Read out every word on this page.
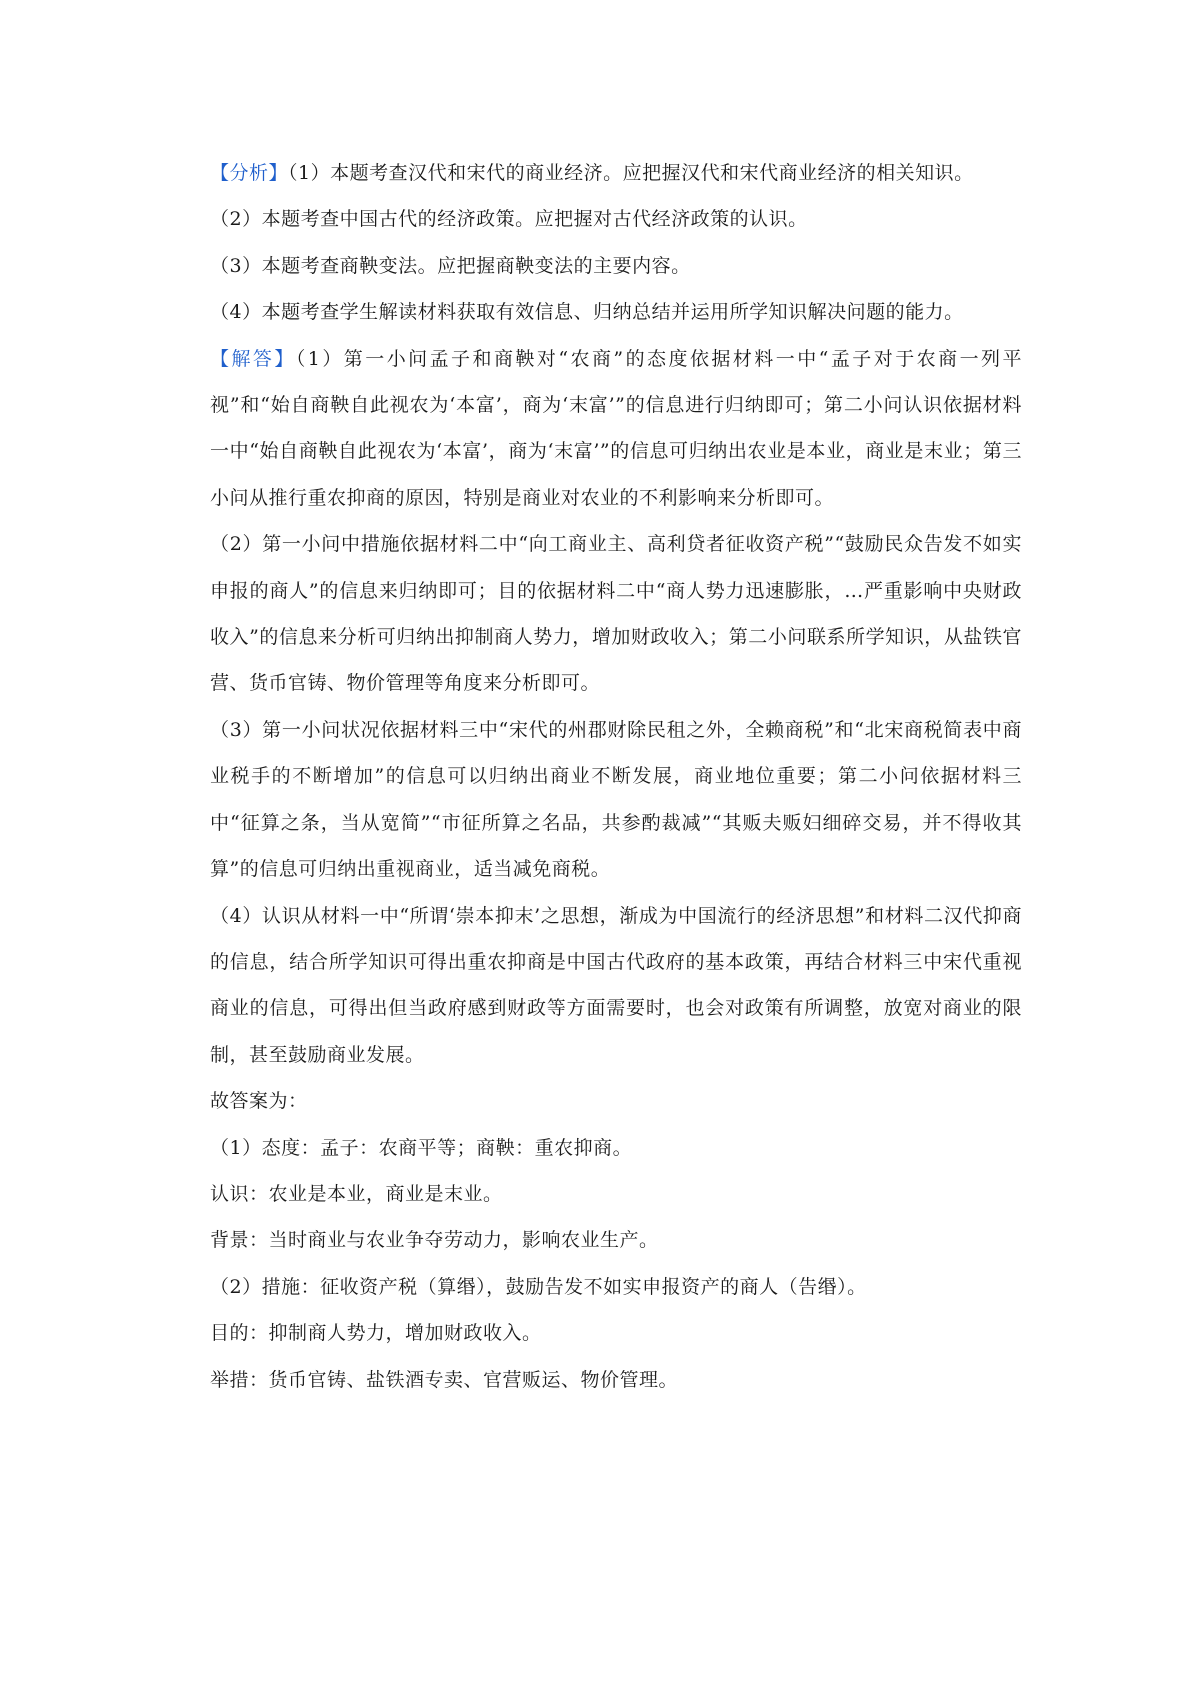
【分析】（1）本题考查汉代和宋代的商业经济。应把握汉代和宋代商业经济的相关知识。

（2）本题考查中国古代的经济政策。应把握对古代经济政策的认识。

（3）本题考查商鞅变法。应把握商鞅变法的主要内容。

（4）本题考查学生解读材料获取有效信息、归纳总结并运用所学知识解决问题的能力。

【解答】（1）第一小问孟子和商鞅对“农商”的态度依据材料一中“孟子对于农商一列平视”和“始自商鞅自此视农为‘本富’，商为‘末富’”的信息进行归纳即可；第二小问认识依据材料一中“始自商鞅自此视农为‘本富’，商为‘末富’”的信息可归纳出农业是本业，商业是末业；第三小问从推行重农抑商的原因，特别是商业对农业的不利影响来分析即可。

（2）第一小问中措施依据材料二中“向工商业主、高利贷者征收资产税”“鼓励民众告发不如实申报的商人”的信息来归纳即可；目的依据材料二中“商人势力迅速膨胀，…严重影响中央财政收入”的信息来分析可归纳出抑制商人势力，增加财政收入；第二小问联系所学知识，从盐铁官营、货币官铸、物价管理等角度来分析即可。

（3）第一小问状况依据材料三中“宋代的州郡财除民租之外，全赖商税”和“北宋商税简表中商业税手的不断增加”的信息可以归纳出商业不断发展，商业地位重要；第二小问依据材料三中“征算之条，当从宽简”“市征所算之名品，共参酌裁减”“其贩夫贩妇细碎交易，并不得收其算”的信息可归纳出重视商业，适当减免商税。

（4）认识从材料一中“所谓‘崇本抑末’之思想，渐成为中国流行的经济思想”和材料二汉代抑商的信息，结合所学知识可得出重农抑商是中国古代政府的基本政策，再结合材料三中宋代重视商业的信息，可得出但当政府感到财政等方面需要时，也会对政策有所调整，放宽对商业的限制，甚至鼓励商业发展。

故答案为：

（1）态度：孟子：农商平等；商鞅：重农抑商。

认识：农业是本业，商业是末业。

背景：当时商业与农业争夺劳动力，影响农业生产。

（2）措施：征收资产税（算缗），鼓励告发不如实申报资产的商人（告缗）。

目的：抑制商人势力，增加财政收入。

举措：货币官铸、盐铁酒专卖、官营贩运、物价管理。
